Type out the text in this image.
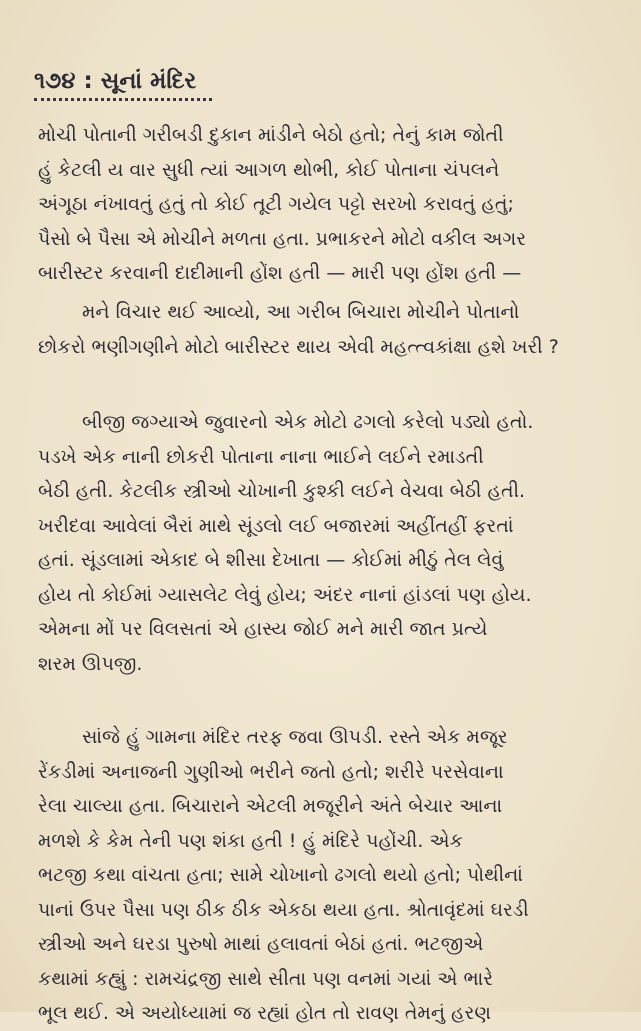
૧૭૪ : સૂનાં મંદિર
મોચી પોતાની ગરીબડી દુકાન માંડીને બેઠો હતો; તેનું કામ જોતી
હું કેટલી ય વાર સુધી ત્યાં આગળ થોભી, કોઈ પોતાના ચંપલને
અંગૂઠા નંખાવતું હતું તો કોઈ તૂટી ગયેલ પટ્ટો સરખો કરાવતું હતું;
પૈસો બે પૈસા એ મોચીને મળતા હતા. પ્રભાકરને મોટો વકીલ અગર
બારીસ્ટર કરવાની દાદીમાની હોંશ હતી — મારી પણ હોંશ હતી —
મને વિચાર થઈ આવ્યો, આ ગરીબ બિચારા મોચીને પોતાનો
છોકરો ભણીગણીને મોટો બારીસ્ટર થાય એવી મહત્ત્વકાંક્ષા હશે ખરી ?
બીજી જગ્યાએ જુવારનો એક મોટો ઢગલો કરેલો પડ્યો હતો.
પડખે એક નાની છોકરી પોતાના નાના ભાઈને લઈને રમાડતી
બેઠી હતી. કેટલીક સ્ત્રીઓ ચોખાની કુશ્કી લઈને વેચવા બેઠી હતી.
ખરીદવા આવેલાં બૈરાં માથે સૂંડલો લઈ બજારમાં અહીંતહીં ફરતાં
હતાં. સૂંડલામાં એકાદ બે શીસા દેખાતા — કોઈમાં મીઠું તેલ લેવું
હોય તો કોઈમાં ગ્યાસલેટ લેવું હોય; અંદર નાનાં હાંડલાં પણ હોય.
એમના મોં પર વિલસતાં એ હાસ્ય જોઈ મને મારી જાત પ્રત્યે
શરમ ઊપજી.
સાંજે હું ગામના મંદિર તરફ જવા ઊપડી. રસ્તે એક મજૂર
રેંકડીમાં અનાજની ગુણીઓ ભરીને જતો હતો; શરીરે પરસેવાના
રેલા ચાલ્યા હતા. બિચારાને એટલી મજૂરીને અંતે બેચાર આના
મળશે કે કેમ તેની પણ શંકા હતી ! હું મંદિરે પહોંચી. એક
ભટજી કથા વાંચતા હતા; સામે ચોખાનો ઢગલો થયો હતો; પોથીનાં
પાનાં ઉપર પૈસા પણ ઠીક ઠીક એકઠા થયા હતા. શ્રોતાવૃંદમાં ઘરડી
સ્ત્રીઓ અને ઘરડા પુરુષો માથાં હલાવતાં બેઠાં હતાં. ભટજીએ
કથામાં કહ્યું : રામચંદ્રજી સાથે સીતા પણ વનમાં ગયાં એ ભારે
ભૂલ થઈ. એ અયોધ્યામાં જ રહ્યાં હોત તો રાવણ તેમનું હરણ
